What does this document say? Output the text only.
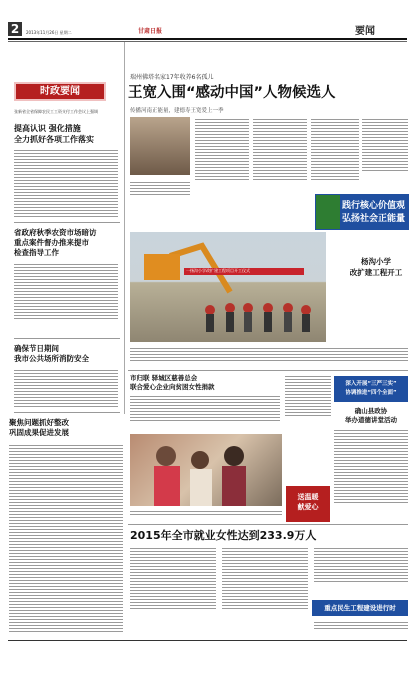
2	2013年11月26日 星期二	甘肃日报	要闻
时政要闻
张新省全省保障农民工工资支付工作会议上强调
提高认识 强化措施
全力抓好各项工作落实
省政府秋季农资市场暗访
重点案件督办推来提市
检查指导工作
确保节日期间
我市公共场所消防安全
聚焦问题抓好整改
巩固成果促进发展
瑞州佛塔名家17年收养6名孤儿
王宽入围“感动中国”人物候选人
传播河南正能量，建德寿王宽爱上一季
践行核心价值观
弘扬社会正能量
一扬沟小学改扩建工程项目开工仪式
杨沟小学
改扩建工程开工
市归联 驿城区慈善总会
联合爱心企业向贫困女性捐款
送温暖
献爱心
深入开展“三严三实”
协调推进“四个全面”
确山县政协
举办道德讲堂活动
2015年全市就业女性达到233.9万人
重点民生工程建设进行时
